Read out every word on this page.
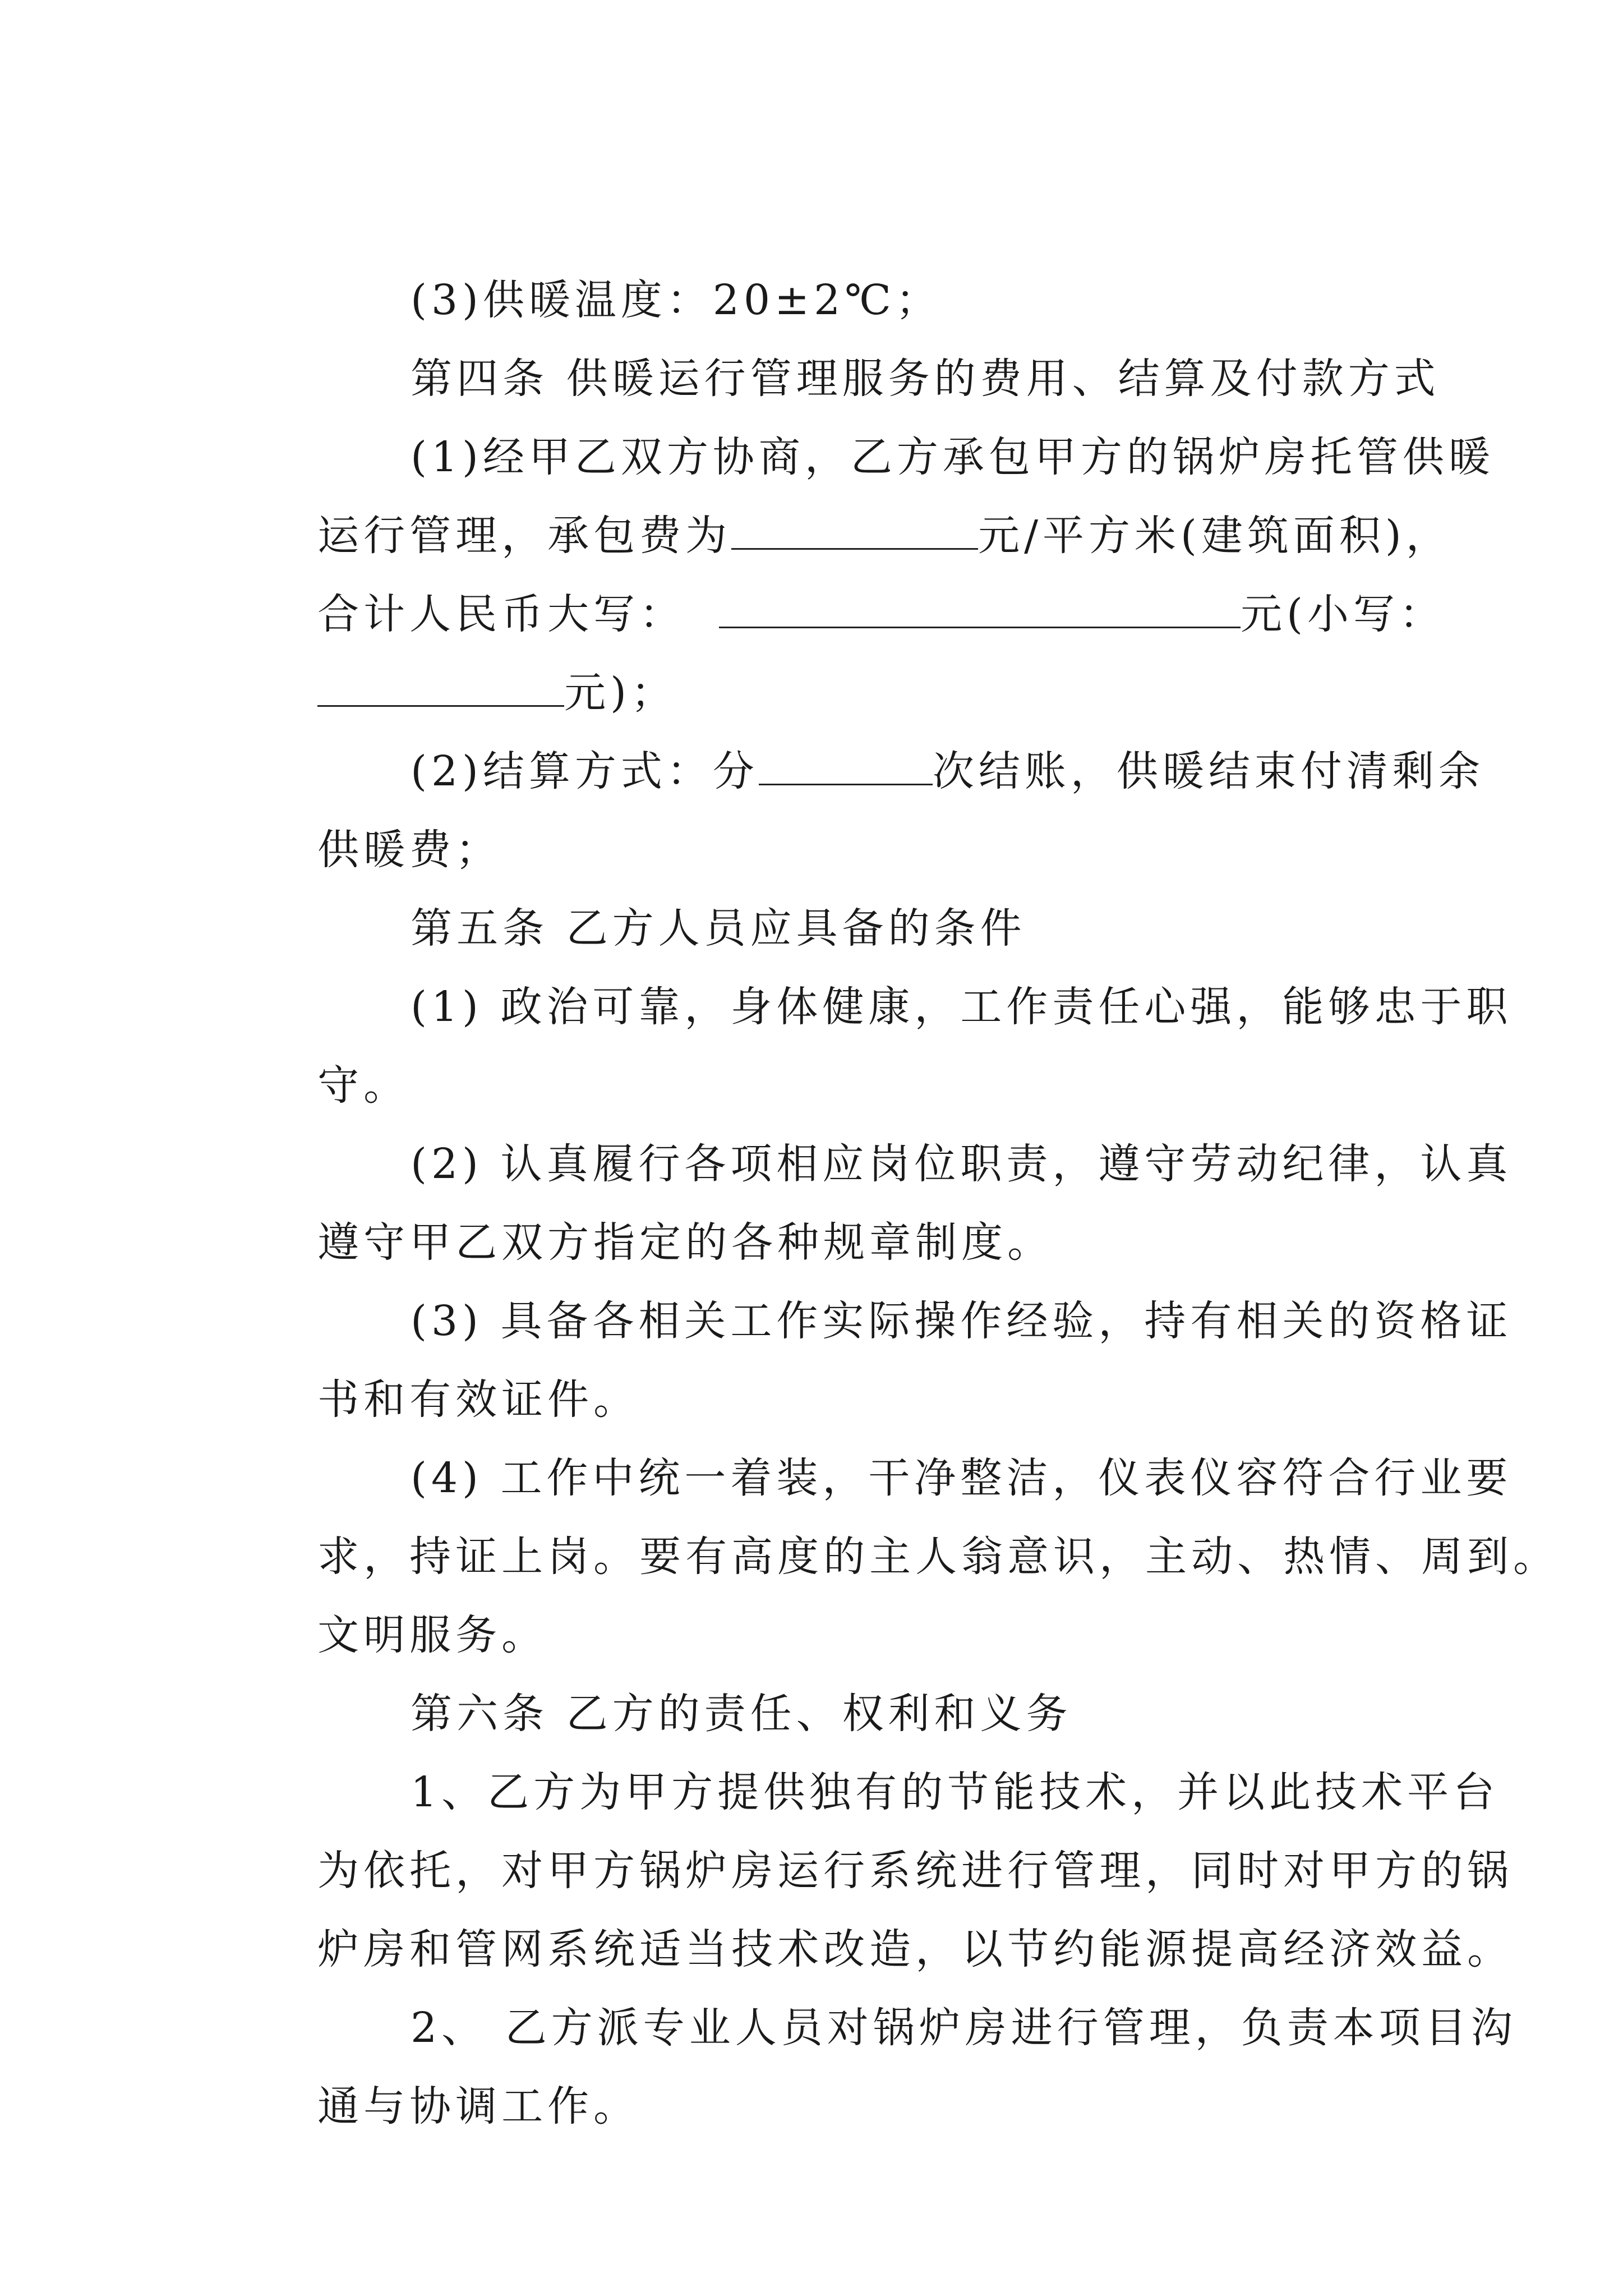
(3)供暖温度：20±2℃；

第四条 供暖运行管理服务的费用、结算及付款方式

(1)经甲乙双方协商，乙方承包甲方的锅炉房托管供暖

运行管理，承包费为	元/平方米(建筑面积)，

合计人民币大写：	元(小写：

元)；

(2)结算方式：分	次结账，供暖结束付清剩余

供暖费；

第五条 乙方人员应具备的条件

(1) 政治可靠，身体健康，工作责任心强，能够忠于职

守。

(2) 认真履行各项相应岗位职责，遵守劳动纪律，认真

遵守甲乙双方指定的各种规章制度。

(3) 具备各相关工作实际操作经验，持有相关的资格证

书和有效证件。

(4) 工作中统一着装，干净整洁，仪表仪容符合行业要

求，持证上岗。要有高度的主人翁意识，主动、热情、周到。

文明服务。

第六条 乙方的责任、权利和义务

1、乙方为甲方提供独有的节能技术，并以此技术平台

为依托，对甲方锅炉房运行系统进行管理，同时对甲方的锅

炉房和管网系统适当技术改造，以节约能源提高经济效益。

2、 乙方派专业人员对锅炉房进行管理，负责本项目沟

通与协调工作。
